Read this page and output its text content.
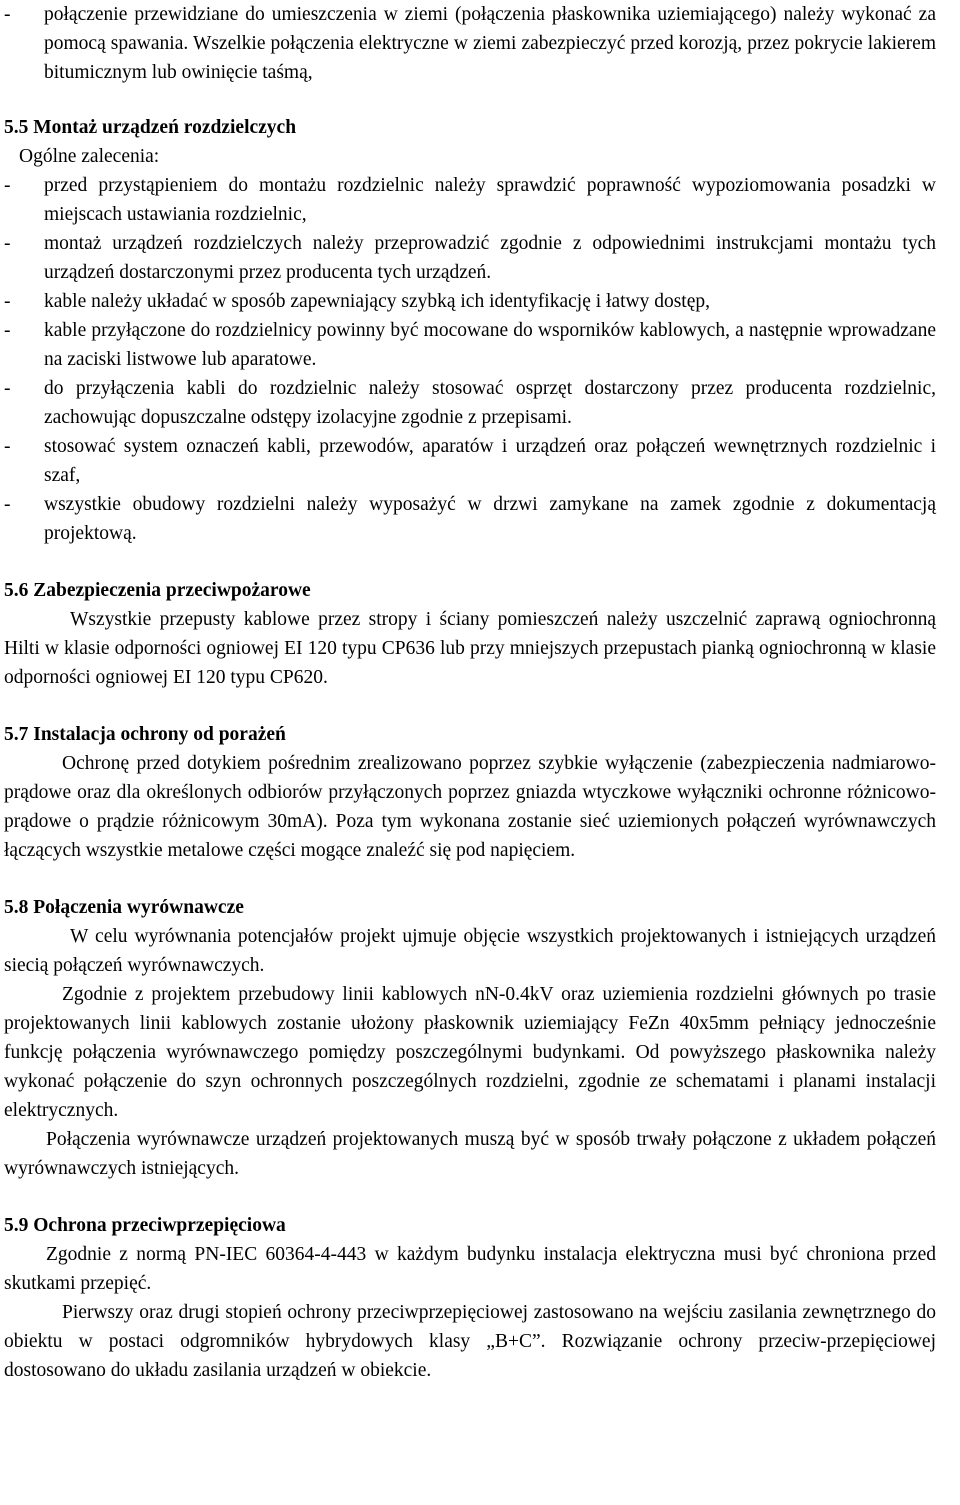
- połączenie przewidziane do umieszczenia w ziemi (połączenia płaskownika uziemiającego) należy wykonać za pomocą spawania. Wszelkie połączenia elektryczne w ziemi zabezpieczyć przed korozją, przez pokrycie lakierem bitumicznym lub owinięcie taśmą,
5.5 Montaż urządzeń rozdzielczych
Ogólne zalecenia:
- przed przystąpieniem do montażu rozdzielnic należy sprawdzić poprawność wypoziomowania posadzki w miejscach ustawiania rozdzielnic,
- montaż urządzeń rozdzielczych należy przeprowadzić zgodnie z odpowiednimi instrukcjami montażu tych urządzeń dostarczonymi przez producenta tych urządzeń.
- kable należy układać w sposób zapewniający szybką ich identyfikację i łatwy dostęp,
- kable przyłączone do rozdzielnicy powinny być mocowane do wsporników kablowych, a następnie wprowadzane na zaciski listwowe lub aparatowe.
- do przyłączenia kabli do rozdzielnic należy stosować osprzęt dostarczony przez producenta rozdzielnic, zachowując dopuszczalne odstępy izolacyjne zgodnie z przepisami.
- stosować system oznaczeń kabli, przewodów, aparatów i urządzeń oraz połączeń wewnętrznych rozdzielnic i szaf,
- wszystkie obudowy rozdzielni należy wyposażyć w drzwi zamykane na zamek zgodnie z dokumentacją projektową.
5.6 Zabezpieczenia przeciwpożarowe
Wszystkie przepusty kablowe przez stropy i ściany pomieszczeń należy uszczelnić zaprawą ogniochronną Hilti w klasie odporności ogniowej EI 120 typu CP636 lub przy mniejszych przepustach pianką ogniochronną w klasie odporności ogniowej EI 120 typu CP620.
5.7 Instalacja ochrony od porażeń
Ochronę przed dotykiem pośrednim zrealizowano poprzez szybkie wyłączenie (zabezpieczenia nadmiarowo-prądowe oraz dla określonych odbiorów przyłączonych poprzez gniazda wtyczkowe wyłączniki ochronne różnicowo-prądowe o prądzie różnicowym 30mA). Poza tym wykonana zostanie sieć uziemionych połączeń wyrównawczych łączących wszystkie metalowe części mogące znaleźć się pod napięciem.
5.8 Połączenia wyrównawcze
W celu wyrównania potencjałów projekt ujmuje objęcie wszystkich projektowanych i istniejących urządzeń siecią połączeń wyrównawczych.
Zgodnie z projektem przebudowy linii kablowych nN-0.4kV oraz uziemienia rozdzielni głównych po trasie projektowanych linii kablowych zostanie ułożony płaskownik uziemiający FeZn 40x5mm pełniący jednocześnie funkcję połączenia wyrównawczego pomiędzy poszczególnymi budynkami. Od powyższego płaskownika należy wykonać połączenie do szyn ochronnych poszczególnych rozdzielni, zgodnie ze schematami i planami instalacji elektrycznych.
Połączenia wyrównawcze urządzeń projektowanych muszą być w sposób trwały połączone z układem połączeń wyrównawczych istniejących.
5.9 Ochrona przeciwprzepięciowa
Zgodnie z normą PN-IEC 60364-4-443 w każdym budynku instalacja elektryczna musi być chroniona przed skutkami przepięć.
Pierwszy oraz drugi stopień ochrony przeciwprzepięciowej zastosowano na wejściu zasilania zewnętrznego do obiektu w postaci odgromników hybrydowych klasy „B+C”. Rozwiązanie ochrony przeciw-przepięciowej dostosowano do układu zasilania urządzeń w obiekcie.
